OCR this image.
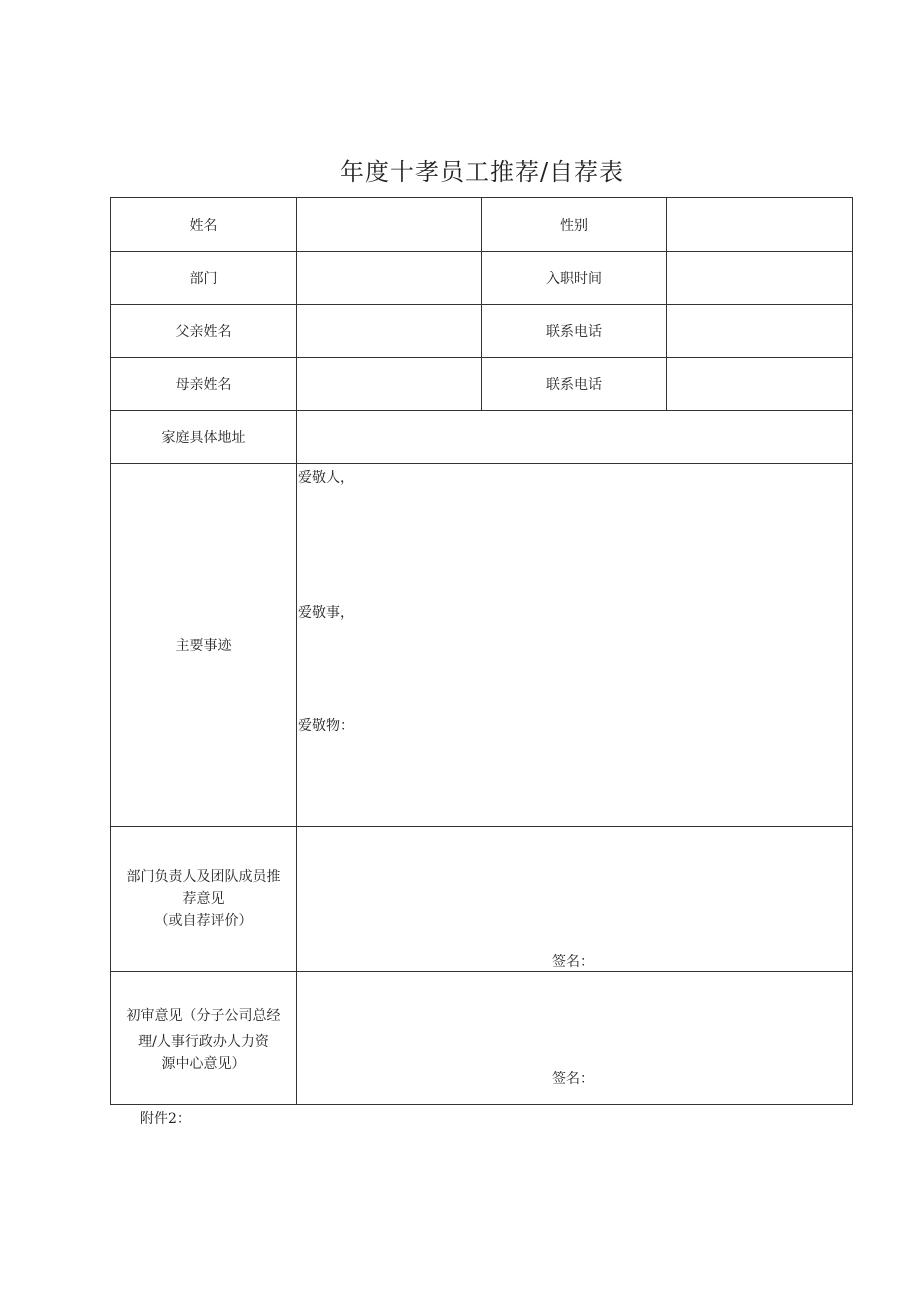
年度十孝员工推荐/自荐表
姓名		性别	
部门		入职时间	
父亲姓名		联系电话	
母亲姓名		联系电话	
家庭具体地址			
主要事迹	爱敬人，
爱敬事，
爱敬物：		

部门负责人及团队成员推
荐意见
（或自荐评价）	签名：		

初审意见（分子公司总经
理/人事行政办人力资
源中心意见）	签名：		
附件2：
